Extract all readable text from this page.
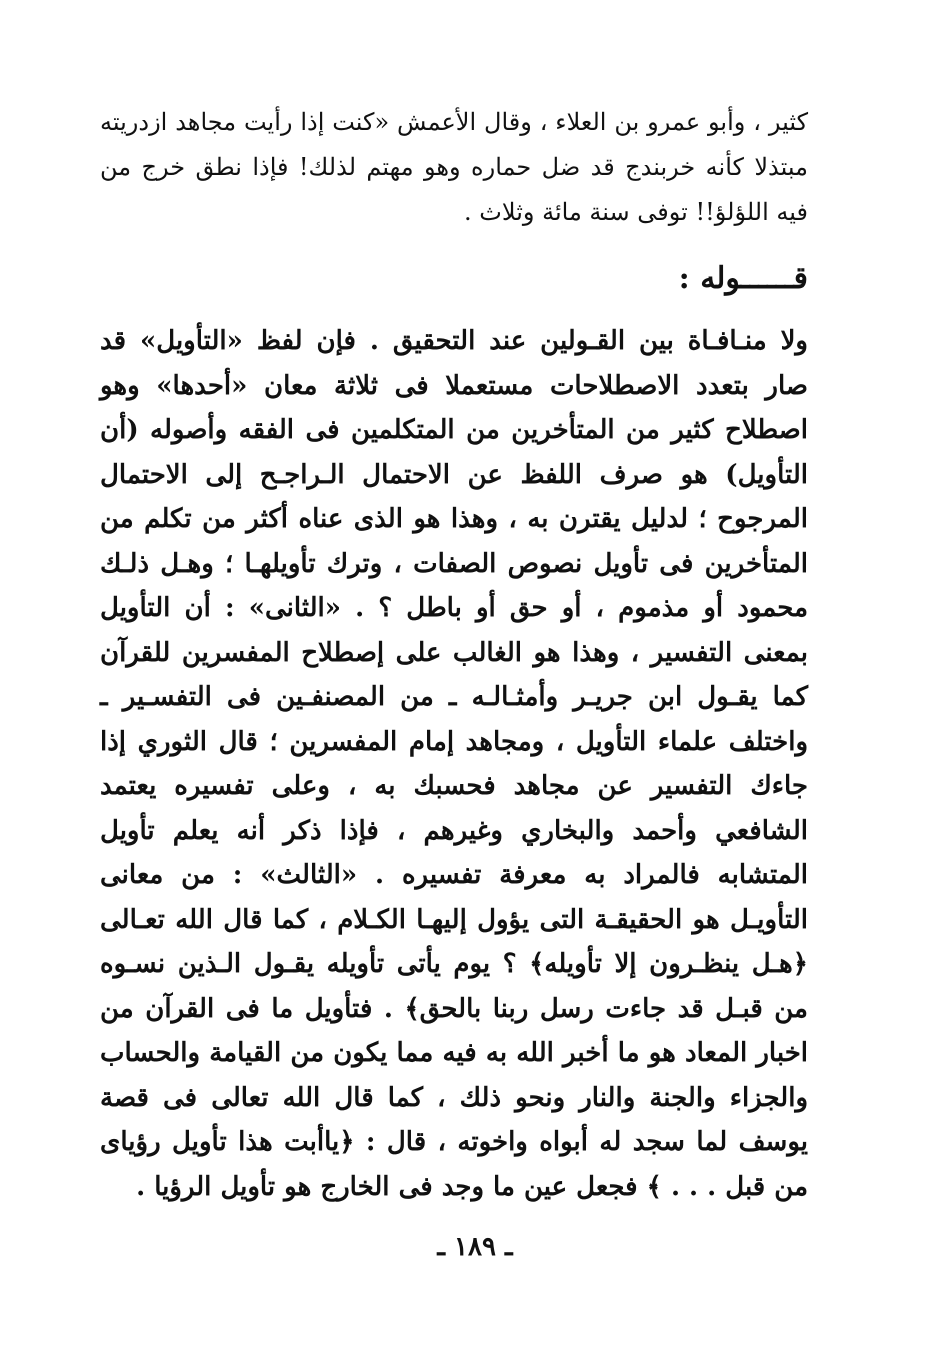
كثير ، وأبو عمرو بن العلاء ، وقال الأعمش «كنت إذا رأيت مجاهد ازدريته مبتذلا كأنه خربندج قد ضل حماره وهو مهتم لذلك! فإذا نطق خرج من فيه اللؤلؤ!! توفى سنة مائة وثلاث .

قــــــوله :

ولا منـافـاة بين القـولين عند التحقيق . فإن لفظ «التأويل» قد صار بتعدد الاصطلاحات مستعملا فى ثلاثة معان «أحدها» وهو اصطلاح كثير من المتأخرين من المتكلمين فى الفقه وأصوله (أن التأويل) هو صرف اللفظ عن الاحتمال الـراجـح إلى الاحتمال المرجوح ؛ لدليل يقترن به ، وهذا هو الذى عناه أكثر من تكلم من المتأخرين فى تأويل نصوص الصفات ، وترك تأويلهـا ؛ وهـل ذلـك محمود أو مذموم ، أو حق أو باطل ؟ . «الثانى» : أن التأويل بمعنى التفسير ، وهذا هو الغالب على إصطلاح المفسرين للقرآن كما يقـول ابن جريـر وأمثـالـه ـ من المصنفـين فى التفسـير ـ واختلف علماء التأويل ، ومجاهد إمام المفسرين ؛ قال الثوري إذا جاءك التفسير عن مجاهد فحسبك به ، وعلى تفسيره يعتمد الشافعي وأحمد والبخاري وغيرهم ، فإذا ذكر أنه يعلم تأويل المتشابه فالمراد به معرفة تفسيره . «الثالث» : من معانى التأويـل هو الحقيقـة التى يؤول إليهـا الكـلام ، كما قال الله تعـالى ﴿هـل ينظـرون إلا تأويله﴾ ؟ يوم يأتى تأويله يقـول الـذين نسـوه من قبـل قد جاءت رسل ربنا بالحق﴾ . فتأويل ما فى القرآن من اخبار المعاد هو ما أخبر الله به فيه مما يكون من القيامة والحساب والجزاء والجنة والنار ونحو ذلك ، كما قال الله تعالى فى قصة يوسف لما سجد له أبواه واخوته ، قال : ﴿ياأبت هذا تأويل رؤياى من قبل . . . ﴾ فجعل عين ما وجد فى الخارج هو تأويل الرؤيا .

ـ ١٨٩ ـ
